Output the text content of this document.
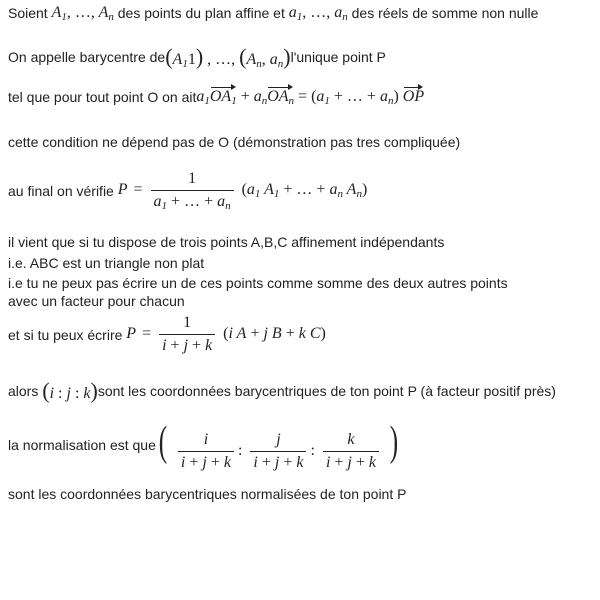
Soient
$A_1$, …, $A_n$
des points du plan affine et
$a_1$, …, $a_n$
des réels de somme non nulle
On appelle barycentre de $(A_11)$ , …, ($A_n$, $a_n$) l'unique point P
tel que pour tout point O on ait $a_1OA_1 + a_nOA_n = (a_1$ + … + $a_n$) OP
cette condition ne dépend pas de O (démonstration pas tres compliquée)
au final on vérifie
$P = \frac{1}{a_1 + \dots + a_n} (a_1$ $A_1$ + … + $a_n$ $A_n$)
il vient que si tu dispose de trois points A,B,C affinement indépendants
i.e. ABC est un triangle non plat
i.e tu ne peux pas écrire un de ces points comme somme des deux autres points
avec un facteur pour chacun
et si tu peux écrire
$P = \frac{1}{i + j + k} (i$ A + j B + k C)
alors
(i : j : k) sont les coordonnées barycentriques de ton point P (à facteur positif près)
la normalisation est que ( $\frac{i}{i + j + k}$ : $\frac{j}{i + j + k}$ : $\frac{k}{i + j + k}$ )
sont les coordonnées barycentriques normalisées de ton point P
